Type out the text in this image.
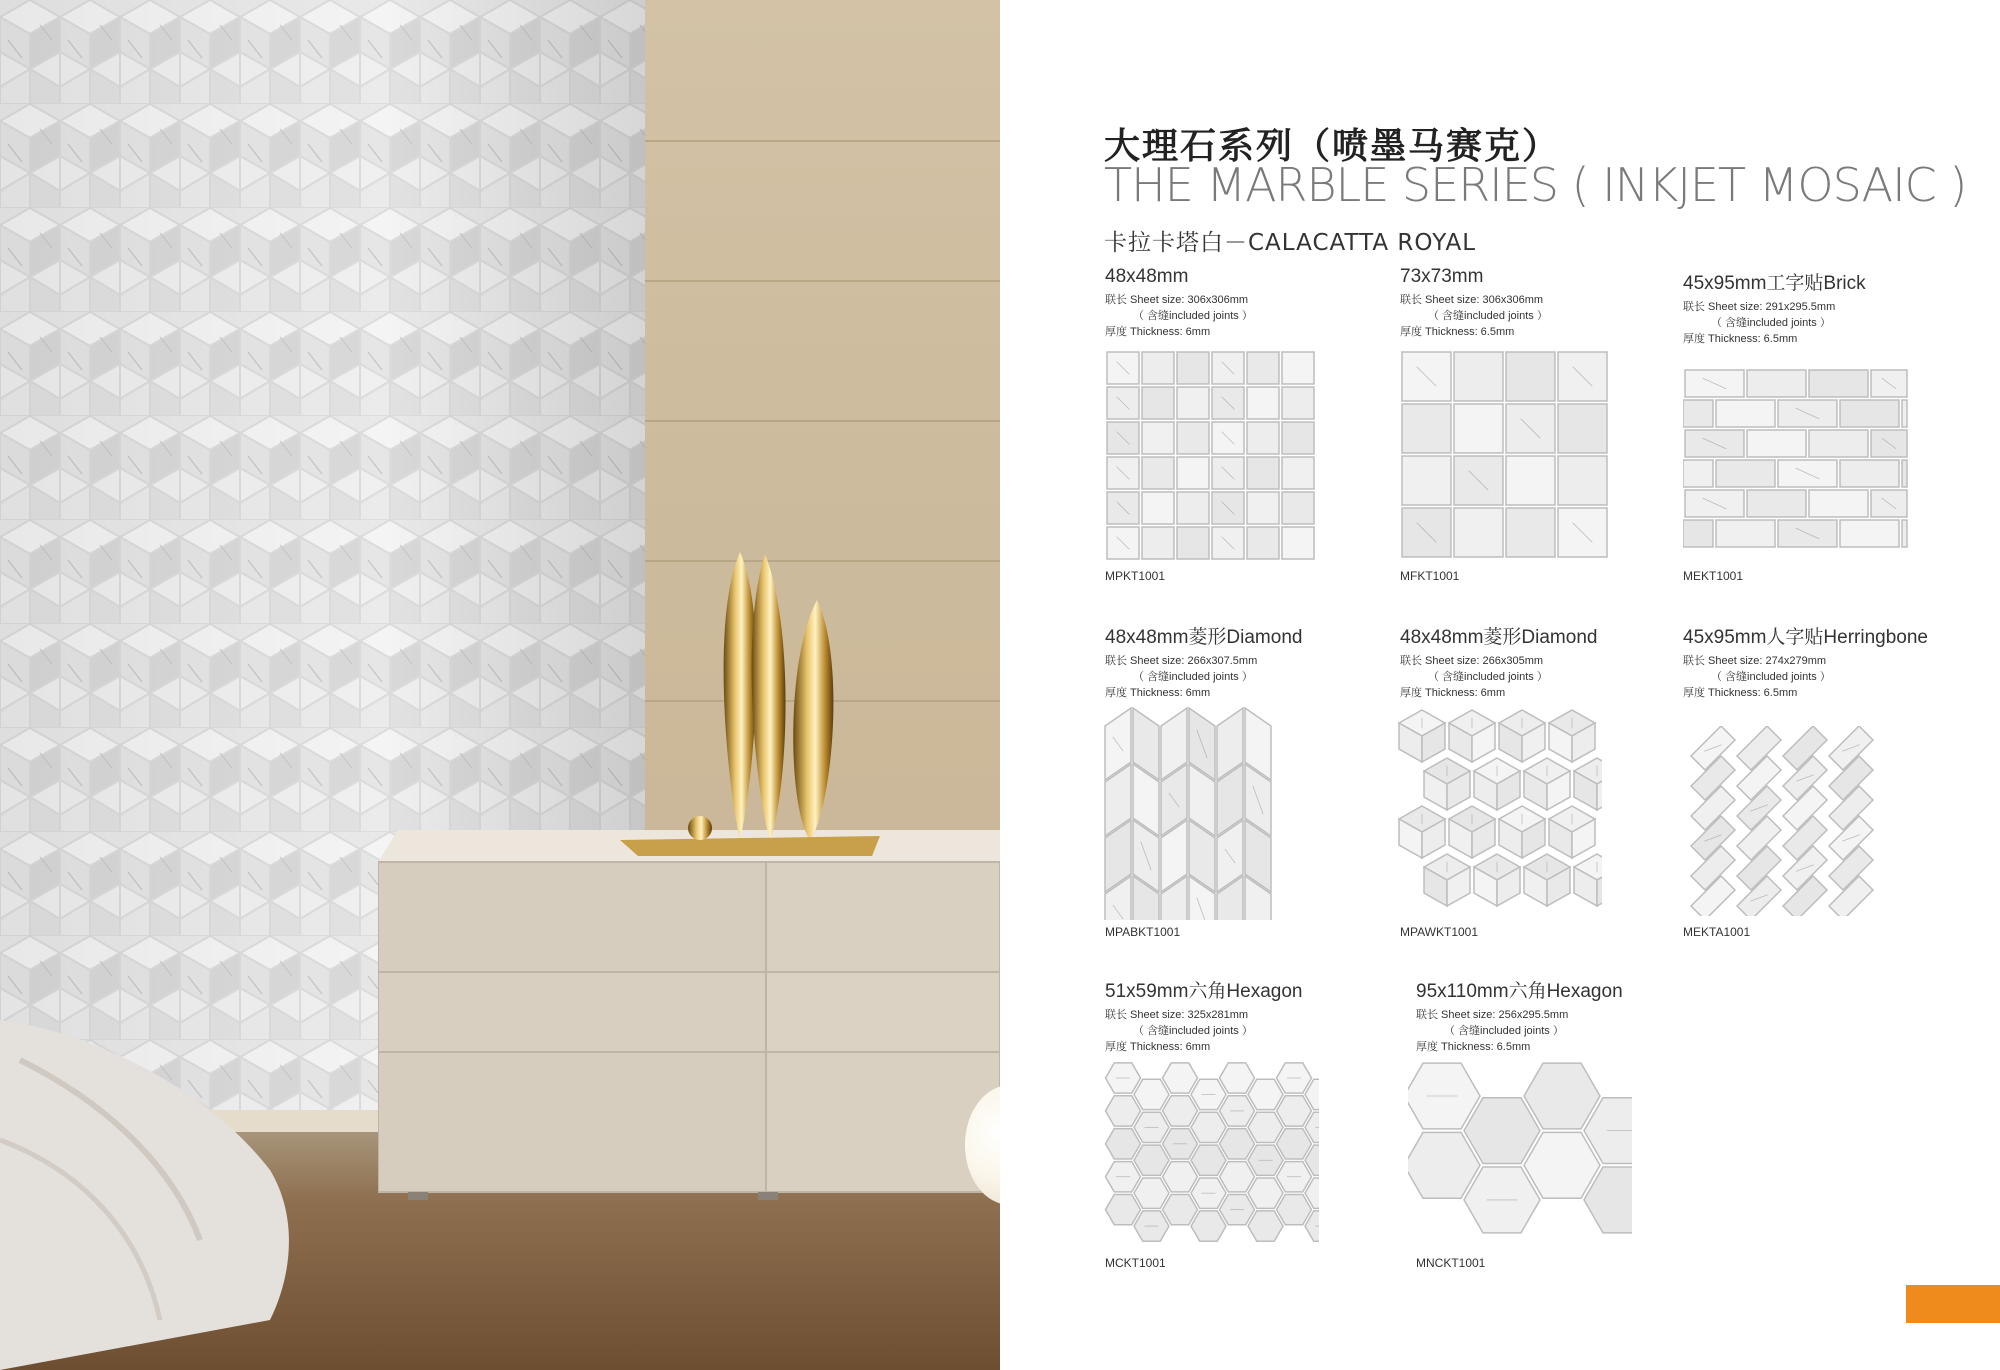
大理石系列（喷墨马赛克）
THE MARBLE SERIES ( INKJET MOSAIC )
卡拉卡塔白－CALACATTA ROYAL
48x48mm
联长 Sheet size: 306x306mm
（ 含缝included joints ）
厚度 Thickness: 6mm
MPKT1001
73x73mm
联长 Sheet size: 306x306mm
（ 含缝included joints ）
厚度 Thickness: 6.5mm
MFKT1001
45x95mm工字贴Brick
联长 Sheet size: 291x295.5mm
（ 含缝included joints ）
厚度 Thickness: 6.5mm
MEKT1001
48x48mm菱形Diamond
联长 Sheet size: 266x307.5mm
（ 含缝included joints ）
厚度 Thickness: 6mm
MPABKT1001
48x48mm菱形Diamond
联长 Sheet size: 266x305mm
（ 含缝included joints ）
厚度 Thickness: 6mm
MPAWKT1001
45x95mm人字贴Herringbone
联长 Sheet size: 274x279mm
（ 含缝included joints ）
厚度 Thickness: 6.5mm
MEKTA1001
51x59mm六角Hexagon
联长 Sheet size: 325x281mm
（ 含缝included joints ）
厚度 Thickness: 6mm
MCKT1001
95x110mm六角Hexagon
联长 Sheet size: 256x295.5mm
（ 含缝included joints ）
厚度 Thickness: 6.5mm
MNCKT1001
